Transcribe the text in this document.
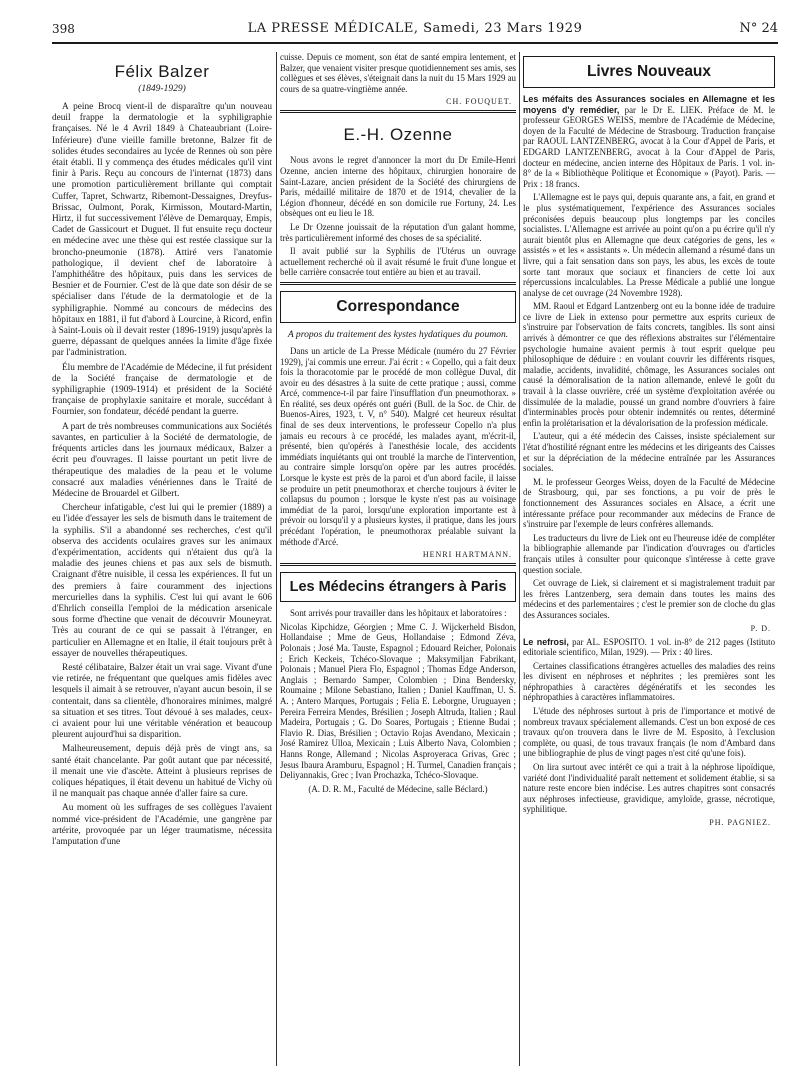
398	LA PRESSE MÉDICALE, Samedi, 23 Mars 1929	N° 24
Félix Balzer
(1849-1929)

A peine Brocq vient-il de disparaître qu'un nouveau deuil frappe la dermatologie et la syphiligraphie françaises. Né le 4 Avril 1849 à Chateaubriant (Loire-Inférieure) d'une vieille famille bretonne, Balzer fit de solides études secondaires au lycée de Rennes où son père était établi. Il y commença des études médicales qu'il vint finir à Paris. Reçu au concours de l'internat (1873) dans une promotion particulièrement brillante qui comptait Cuffer, Tapret, Schwartz, Ribemont-Dessaignes, Dreyfus-Brissac, Oulmont, Porak, Kirmisson, Moutard-Martin, Hirtz, il fut successivement l'élève de Demarquay, Empis, Cadet de Gassicourt et Duguet. Il fut ensuite reçu docteur en médecine avec une thèse qui est restée classique sur la broncho-pneumonie (1878). Attiré vers l'anatomie pathologique, il devient chef de laboratoire à l'amphithéâtre des hôpitaux, puis dans les services de Besnier et de Fournier. C'est de là que date son désir de se spécialiser dans l'étude de la dermatologie et de la syphiligraphie. Nommé au concours de médecins des hôpitaux en 1881, il fut d'abord à Lourcine, à Ricord, enfin à Saint-Louis où il devait rester (1896-1919) jusqu'après la guerre, dépassant de quelques années la limite d'âge fixée par l'administration.

Élu membre de l'Académie de Médecine, il fut président de la Société française de dermatologie et de syphiligraphie (1909-1914) et président de la Société française de prophylaxie sanitaire et morale, succédant à Fournier, son fondateur, décédé pendant la guerre.

A part de très nombreuses communications aux Sociétés savantes, en particulier à la Société de dermatologie, de fréquents articles dans les journaux médicaux, Balzer a écrit peu d'ouvrages. Il laisse pourtant un petit livre de thérapeutique des maladies de la peau et le volume consacré aux maladies vénériennes dans le Traité de Médecine de Brouardel et Gilbert.

Chercheur infatigable, c'est lui qui le premier (1889) a eu l'idée d'essayer les sels de bismuth dans le traitement de la syphilis. S'il a abandonné ses recherches, c'est qu'il observa des accidents oculaires graves sur les animaux d'expérimentation, accidents qui n'étaient dus qu'à la maladie des jeunes chiens et pas aux sels de bismuth. Craignant d'être nuisible, il cessa les expériences. Il fut un des premiers à faire couramment des injections mercurielles dans la syphilis. C'est lui qui avant le 606 d'Ehrlich conseilla l'emploi de la médication arsenicale sous forme d'hectine que venait de découvrir Mouneyrat. Très au courant de ce qui se passait à l'étranger, en particulier en Allemagne et en Italie, il était toujours prêt à essayer de nouvelles thérapeutiques.

Resté célibataire, Balzer était un vrai sage. Vivant d'une vie retirée, ne fréquentant que quelques amis fidèles avec lesquels il aimait à se retrouver, n'ayant aucun besoin, il se contentait, dans sa clientèle, d'honoraires minimes, malgré sa situation et ses titres. Tout dévoué à ses malades, ceux-ci avaient pour lui une véritable vénération et beaucoup pleurent aujourd'hui sa disparition.

Malheureusement, depuis déjà près de vingt ans, sa santé était chancelante. Par goût autant que par nécessité, il menait une vie d'ascète. Atteint à plusieurs reprises de coliques hépatiques, il était devenu un habitué de Vichy où il ne manquait pas chaque année d'aller faire sa cure.

Au moment où les suffrages de ses collègues l'avaient nommé vice-président de l'Académie, une gangrène par artérite, provoquée par un léger traumatisme, nécessita l'amputation d'une

cuisse. Depuis ce moment, son état de santé empira lentement, et Balzer, que venaient visiter presque quotidiennement ses amis, ses collègues et ses élèves, s'éteignait dans la nuit du 15 Mars 1929 au cours de sa quatre-vingtième année.

CH. FOUQUET.
E.-H. Ozenne

Nous avons le regret d'annoncer la mort du Dr Emile-Henri Ozenne, ancien interne des hôpitaux, chirurgien honoraire de Saint-Lazare, ancien président de la Société des chirurgiens de Paris, médaillé militaire de 1870 et de 1914, chevalier de la Légion d'honneur, décédé en son domicile rue Fortuny, 24. Les obsèques ont eu lieu le 18.

Le Dr Ozenne jouissait de la réputation d'un galant homme, très particulièrement informé des choses de sa spécialité.

Il avait publié sur la Syphilis de l'Utérus un ouvrage actuellement recherché où il avait résumé le fruit d'une longue et belle carrière consacrée tout entière au bien et au travail.

Correspondance
A propos du traitement des kystes hydatiques du poumon.

Dans un article de La Presse Médicale (numéro du 27 Février 1929), j'ai commis une erreur. J'ai écrit : « Copello, qui a fait deux fois la thoracotomie par le procédé de mon collègue Duval, dit avoir eu des désastres à la suite de cette pratique ; aussi, comme Arcé, commence-t-il par faire l'insufflation d'un pneumothorax. » En réalité, ses deux opérés ont guéri (Bull. de la Soc. de Chir. de Buenos-Aires, 1923, t. V, n° 540). Malgré cet heureux résultat final de ses deux interventions, le professeur Copello n'a plus jamais eu recours à ce procédé, les malades ayant, m'écrit-il, présenté, bien qu'opérés à l'anesthésie locale, des accidents immédiats inquiétants qui ont troublé la marche de l'intervention, au contraire simple lorsqu'on opère par les autres procédés. Lorsque le kyste est près de la paroi et d'un abord facile, il laisse se produire un petit pneumothorax et cherche toujours à éviter le collapsus du poumon ; lorsque le kyste n'est pas au voisinage immédiat de la paroi, lorsqu'une exploration importante est à prévoir ou lorsqu'il y a plusieurs kystes, il pratique, dans les jours précédant l'opération, le pneumothorax préalable suivant la méthode d'Arcé.

HENRI HARTMANN.
Les Médecins étrangers à Paris

Sont arrivés pour travailler dans les hôpitaux et laboratoires :

Nicolas Kipchidze, Géorgien ; Mme C. J. Wijckerheld Bisdon, Hollandaise ; Mme de Geus, Hollandaise ; Edmond Zéva, Polonais ; José Ma. Tauste, Espagnol ; Edouard Reicher, Polonais ; Erich Keckeis, Tchéco-Slovaque ; Maksymiljan Fabrikant, Polonais ; Manuel Piera Flo, Espagnol ; Thomas Edge Anderson, Anglais ; Bernardo Samper, Colombien ; Dina Bendersky, Roumaine ; Milone Sebastiano, Italien ; Daniel Kauffman, U. S. A. ; Antero Marques, Portugais ; Felia E. Leborgne, Uruguayen ; Pereira Ferreira Mendes, Brésilien ; Joseph Altruda, Italien ; Raul Madeira, Portugais ; G. Do Soares, Portugais ; Etienne Budai ; Flavio R. Dias, Brésilien ; Octavio Rojas Avendano, Mexicain ; José Ramirez Ulloa, Mexicain ; Luis Alberto Nava, Colombien ; Hanns Ronge, Allemand ; Nicolas Asproyeraca Grivas, Grec ; Jesus Ibaura Aramburu, Espagnol ; H. Turmel, Canadien français ; Deliyannakis, Grec ; Ivan Prochazka, Tchéco-Slovaque.

(A. D. R. M., Faculté de Médecine, salle Béclard.)

Livres Nouveaux

Les méfaits des Assurances sociales en Allemagne et les moyens d'y remédier, par le Dr E. LIEK. Préface de M. le professeur GEORGES WEISS, membre de l'Académie de Médecine, doyen de la Faculté de Médecine de Strasbourg. Traduction française par RAOUL LANTZENBERG, avocat à la Cour d'Appel de Paris, et EDGARD LANTZENBERG, avocat à la Cour d'Appel de Paris, docteur en médecine, ancien interne des Hôpitaux de Paris. 1 vol. in-8° de la « Bibliothèque Politique et Économique » (Payot). Paris. — Prix : 18 francs.

L'Allemagne est le pays qui, depuis quarante ans, a fait, en grand et le plus systématiquement, l'expérience des Assurances sociales préconisées depuis beaucoup plus longtemps par les conciles socialistes. L'Allemagne est arrivée au point qu'on a pu écrire qu'il n'y aurait bientôt plus en Allemagne que deux catégories de gens, les « assistés » et les « assistants ». Un médecin allemand a résumé dans un livre, qui a fait sensation dans son pays, les abus, les excès de toute sorte tant moraux que sociaux et financiers de cette loi aux répercussions incalculables. La Presse Médicale a publié une longue analyse de cet ouvrage (24 Novembre 1928).

MM. Raoul et Edgard Lantzenberg ont eu la bonne idée de traduire ce livre de Liek in extenso pour permettre aux esprits curieux de s'instruire par l'observation de faits concrets, tangibles. Ils sont ainsi arrivés à démontrer ce que des réflexions abstraites sur l'élémentaire psychologie humaine avaient permis à tout esprit quelque peu philosophique de déduire : en voulant couvrir les différents risques, maladie, accidents, invalidité, chômage, les Assurances sociales ont causé la démoralisation de la nation allemande, enlevé le goût du travail à la classe ouvrière, créé un système d'exploitation avérée ou dissimulée de la maladie, poussé un grand nombre d'ouvriers à faire d'interminables procès pour obtenir indemnités ou rentes, déterminé enfin la prolétarisation et la dévalorisation de la profession médicale.

L'auteur, qui a été médecin des Caisses, insiste spécialement sur l'état d'hostilité régnant entre les médecins et les dirigeants des Caisses et sur la dépréciation de la médecine entraînée par les Assurances sociales.

M. le professeur Georges Weiss, doyen de la Faculté de Médecine de Strasbourg, qui, par ses fonctions, a pu voir de près le fonctionnement des Assurances sociales en Alsace, a écrit une intéressante préface pour recommander aux médecins de France de s'instruire par l'exemple de leurs confrères allemands.

Les traducteurs du livre de Liek ont eu l'heureuse idée de compléter la bibliographie allemande par l'indication d'ouvrages ou d'articles français utiles à consulter pour quiconque s'intéresse à cette grave question sociale.

Cet ouvrage de Liek, si clairement et si magistralement traduit par les frères Lantzenberg, sera demain dans toutes les mains des médecins et des parlementaires ; c'est le premier son de cloche du glas des Assurances sociales.

P. D.

Le nefrosi, par AL. ESPOSITO. 1 vol. in-8° de 212 pages (Istituto editoriale scientifico, Milan, 1929). — Prix : 40 lires.

Certaines classifications étrangères actuelles des maladies des reins les divisent en néphroses et néphrites ; les premières sont les néphropathies à caractères dégénératifs et les secondes les néphropathies à caractères inflammatoires.

L'étude des néphroses surtout à pris de l'importance et motivé de nombreux travaux spécialement allemands. C'est un bon exposé de ces travaux qu'on trouvera dans le livre de M. Esposito, à l'exclusion complète, ou quasi, de tous travaux français (le nom d'Ambard dans une bibliographie de plus de vingt pages n'est cité qu'une fois).

On lira surtout avec intérêt ce qui a trait à la néphrose lipoïdique, variété dont l'individualité paraît nettement et solidement établie, si sa nature reste encore bien indécise. Les autres chapitres sont consacrés aux néphroses infectieuse, gravidique, amyloïde, grasse, nécrotique, syphilitique.

PH. PAGNIEZ.
